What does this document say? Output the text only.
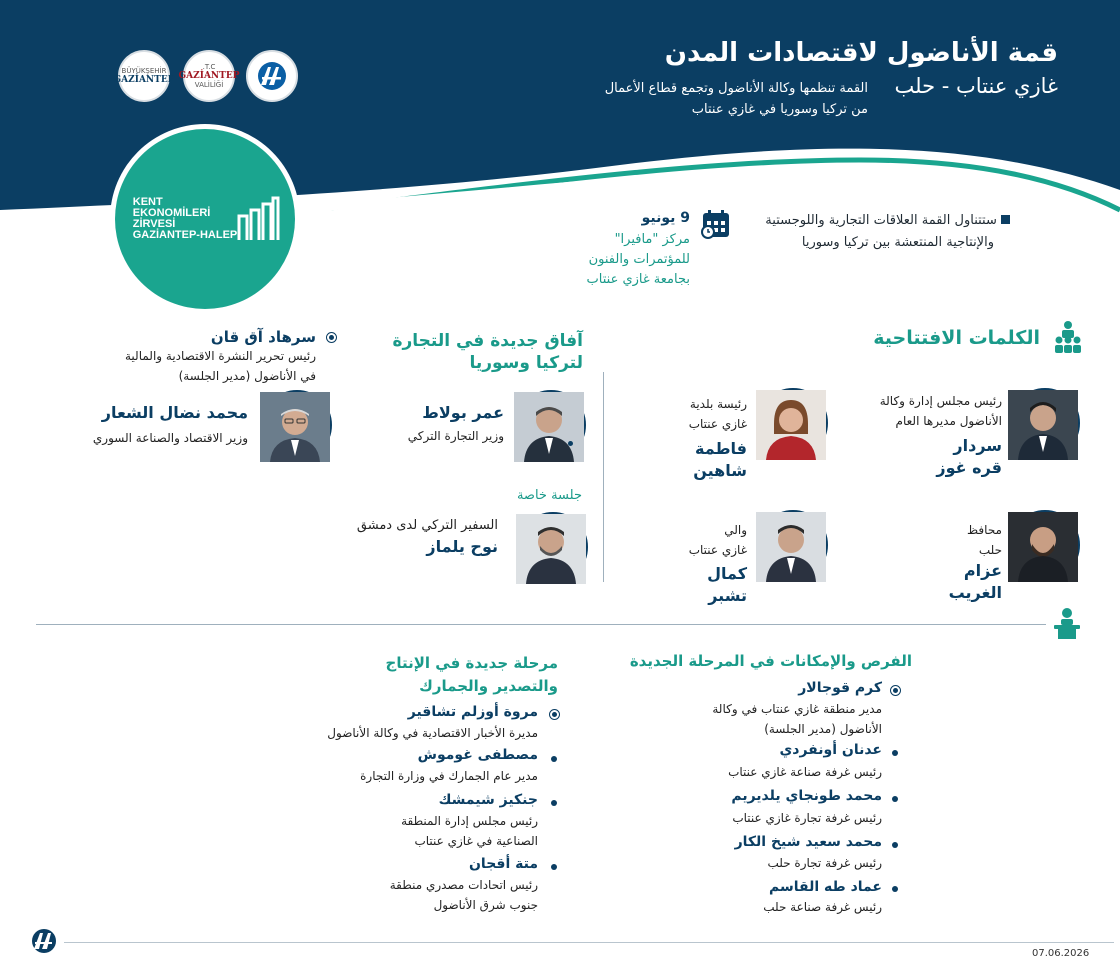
قمة الأناضول لاقتصادات المدن
غازي عنتاب - حلب
القمة تنظمها وكالة الأناضول وتجمع قطاع الأعمال
من تركيا وسوريا في غازي عنتاب
T.C.
GAZİANTEP
VALİLİĞİ
BÜYÜKŞEHİR
GAZİANTEP
KENT
EKONOMİLERİ
ZİRVESİ
GAZİANTEP-HALEP
ستتناول القمة العلاقات التجارية واللوجستية
والإنتاجية المنتعشة بين تركيا وسوريا
9 يونيو
مركز "مافيرا"
للمؤتمرات والفنون
بجامعة غازي عنتاب
الكلمات الافتتاحية
رئيس مجلس إدارة وكالة
الأناضول مديرها العام
سردار
قره غوز
رئيسة بلدية
غازي عنتاب
فاطمة
شاهين
محافظ
حلب
عزام
الغريب
والي
غازي عنتاب
كمال
تشبر
آفاق جديدة في التجارة
لتركيا وسوريا
سرهاد آق قان
رئيس تحرير النشرة الاقتصادية والمالية
في الأناضول (مدير الجلسة)
عمر بولاط
وزير التجارة التركي
محمد نضال الشعار
وزير الاقتصاد والصناعة السوري
جلسة خاصة
السفير التركي لدى دمشق
نوح يلماز
الفرص والإمكانات في المرحلة الجديدة
كرم قوجالار
مدير منطقة غازي عنتاب في وكالة
الأناضول (مدير الجلسة)
عدنان أونفردي
رئيس غرفة صناعة غازي عنتاب
محمد طونجاي يلديريم
رئيس غرفة تجارة غازي عنتاب
محمد سعيد شيخ الكار
رئيس غرفة تجارة حلب
عماد طه القاسم
رئيس غرفة صناعة حلب
مرحلة جديدة في الإنتاج
والتصدير والجمارك
مروة أوزلم تشاقير
مديرة الأخبار الاقتصادية في وكالة الأناضول
مصطفى غوموش
مدير عام الجمارك في وزارة التجارة
جنكيز شيمشك
رئيس مجلس إدارة المنطقة
الصناعية في غازي عنتاب
متة أقجان
رئيس اتحادات مصدري منطقة
جنوب شرق الأناضول
07.06.2026
